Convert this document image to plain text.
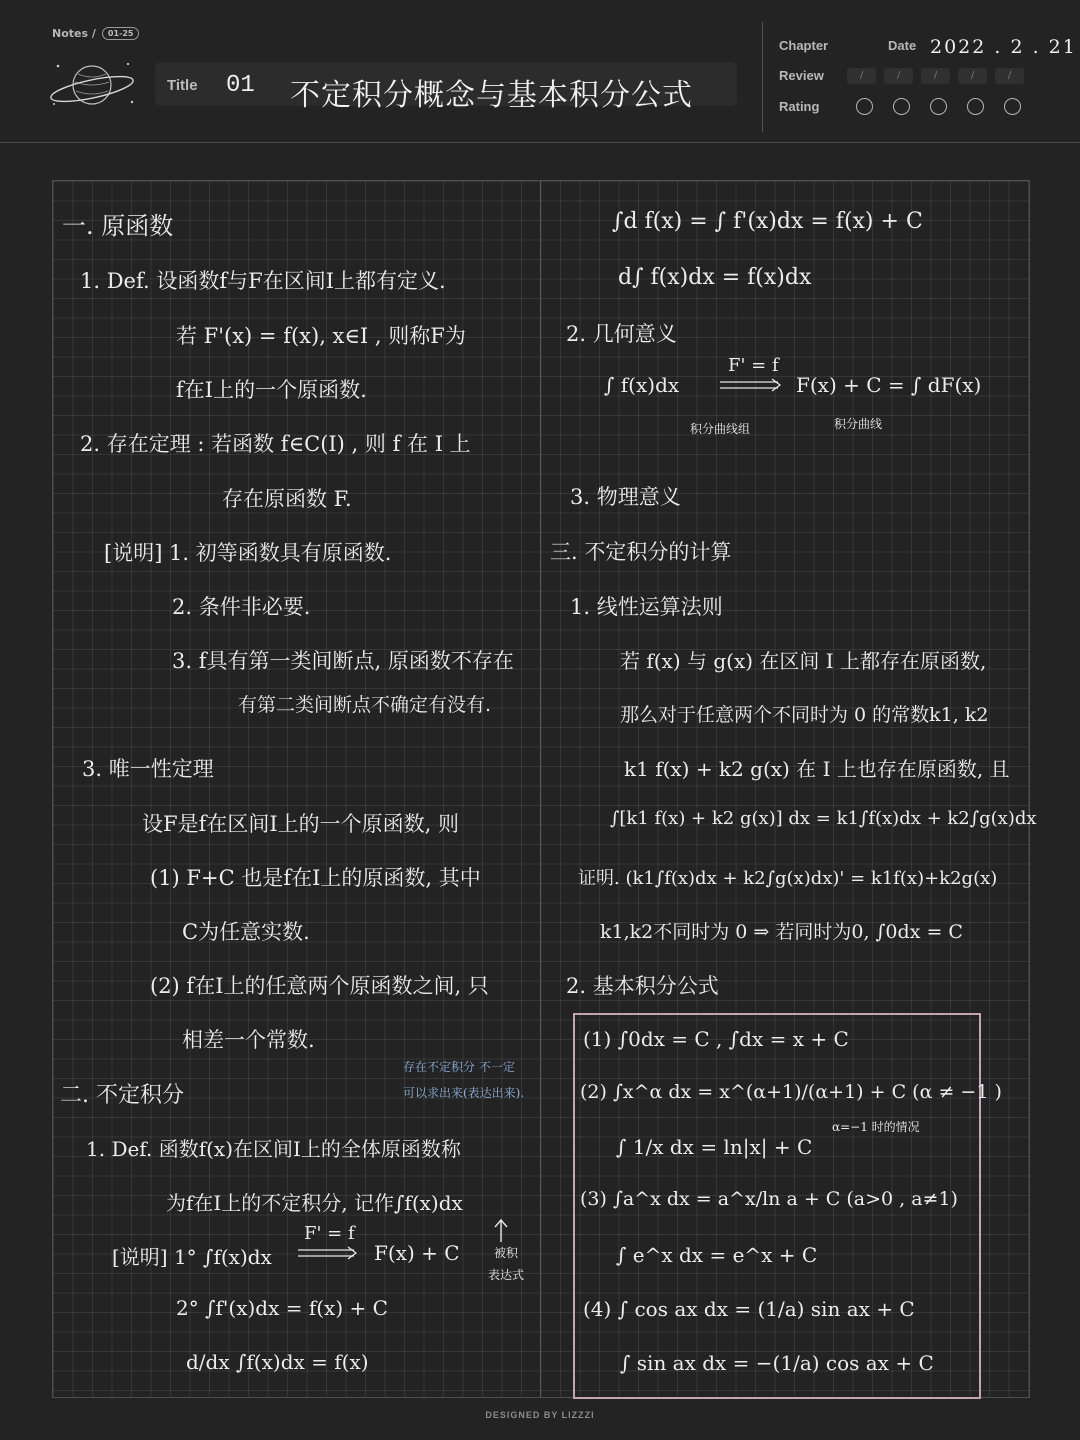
Notes /	01-25
Title 01 不定积分概念与基本积分公式
Chapter	Date 2022 . 2 . 21
Review	/	/	/	/	/
Rating
一. 原函数
1. Def. 设函数f与F在区间I上都有定义.
若 F'(x) = f(x), x∈I , 则称F为
f在I上的一个原函数.
2. 存在定理 : 若函数 f∈C(I) , 则 f 在 I 上
存在原函数 F.
[说明] 1. 初等函数具有原函数.
2. 条件非必要.
3. f具有第一类间断点, 原函数不存在
有第二类间断点不确定有没有.
3. 唯一性定理
设F是f在区间I上的一个原函数, 则
(1) F+C 也是f在I上的原函数, 其中
C为任意实数.
(2) f在I上的任意两个原函数之间, 只
相差一个常数.
存在不定积分 不一定
可以求出来(表达出来).
二. 不定积分
1. Def. 函数f(x)在区间I上的全体原函数称
为f在I上的不定积分, 记作∫f(x)dx
被积
表达式
[说明] 1° ∫f(x)dx
F' = f
F(x) + C
2° ∫f'(x)dx = f(x) + C
d/dx ∫f(x)dx = f(x)
∫d f(x) = ∫ f'(x)dx = f(x) + C
d∫ f(x)dx = f(x)dx
2. 几何意义
∫ f(x)dx
F' = f
F(x) + C = ∫ dF(x)
积分曲线组	积分曲线
3. 物理意义
三. 不定积分的计算
1. 线性运算法则
若 f(x) 与 g(x) 在区间 I 上都存在原函数,
那么对于任意两个不同时为 0 的常数k1, k2
k1 f(x) + k2 g(x) 在 I 上也存在原函数, 且
∫[k1 f(x) + k2 g(x)] dx = k1∫f(x)dx + k2∫g(x)dx
证明. (k1∫f(x)dx + k2∫g(x)dx)' = k1f(x)+k2g(x)
k1,k2不同时为 0 ⇒ 若同时为0, ∫0dx = C
2. 基本积分公式
(1) ∫0dx = C , ∫dx = x + C
(2) ∫x^α dx = x^(α+1)/(α+1) + C (α ≠ −1 )
α=−1 时的情况
∫ 1/x dx = ln|x| + C
(3) ∫a^x dx = a^x/ln a + C (a>0 , a≠1)
∫ e^x dx = e^x + C
(4) ∫ cos ax dx = (1/a) sin ax + C
∫ sin ax dx = −(1/a) cos ax + C
DESIGNED BY LIZZZI
